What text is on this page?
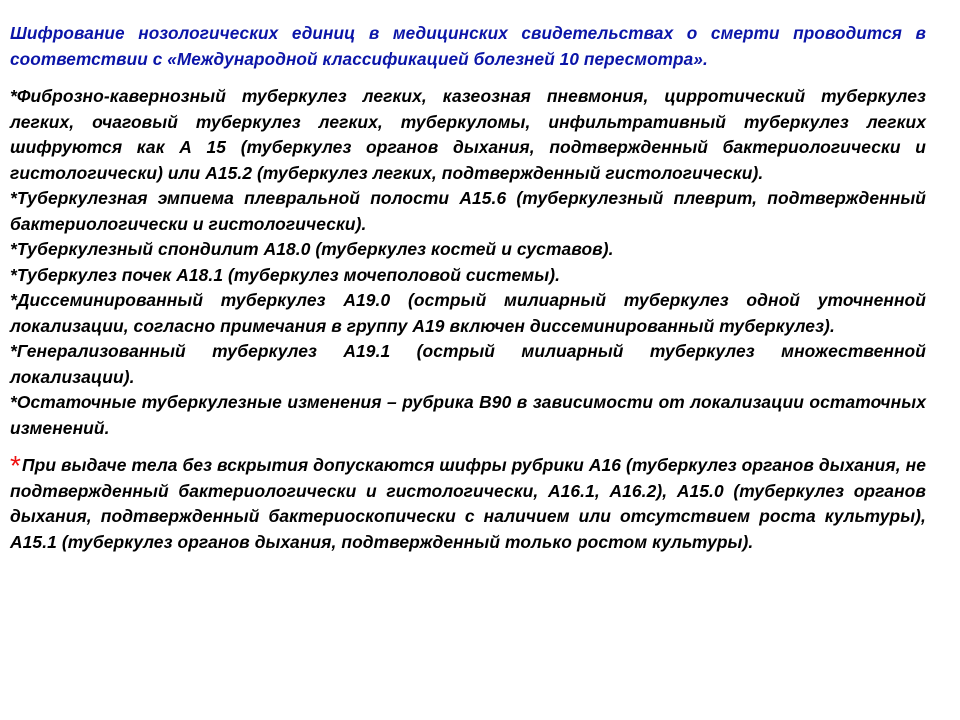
Шифрование нозологических единиц в медицинских свидетельствах о смерти проводится в соответствии с «Международной классификацией болезней 10 пересмотра».

*Фиброзно-кавернозный туберкулез легких, казеозная пневмония, цирротический туберкулез легких, очаговый туберкулез легких, туберкуломы, инфильтративный туберкулез легких шифруются как А 15 (туберкулез органов дыхания, подтвержденный бактериологически и гистологически) или А15.2 (туберкулез легких, подтвержденный гистологически).

*Туберкулезная эмпиема плевральной полости А15.6 (туберкулезный плеврит, подтвержденный бактериологически и гистологически).

*Туберкулезный спондилит А18.0 (туберкулез костей и суставов).

*Туберкулез почек А18.1 (туберкулез мочеполовой системы).

*Диссеминированный туберкулез А19.0 (острый милиарный туберкулез одной уточненной локализации, согласно примечания в группу А19 включен диссеминированный туберкулез).

*Генерализованный туберкулез А19.1 (острый милиарный туберкулез множественной локализации).

*Остаточные туберкулезные изменения – рубрика В90 в зависимости от локализации остаточных изменений.

*При выдаче тела без вскрытия допускаются шифры рубрики А16 (туберкулез органов дыхания, не подтвержденный бактериологически и гистологически, А16.1, А16.2), А15.0 (туберкулез органов дыхания, подтвержденный бактериоскопически с наличием или отсутствием роста культуры), А15.1 (туберкулез органов дыхания, подтвержденный только ростом культуры).
